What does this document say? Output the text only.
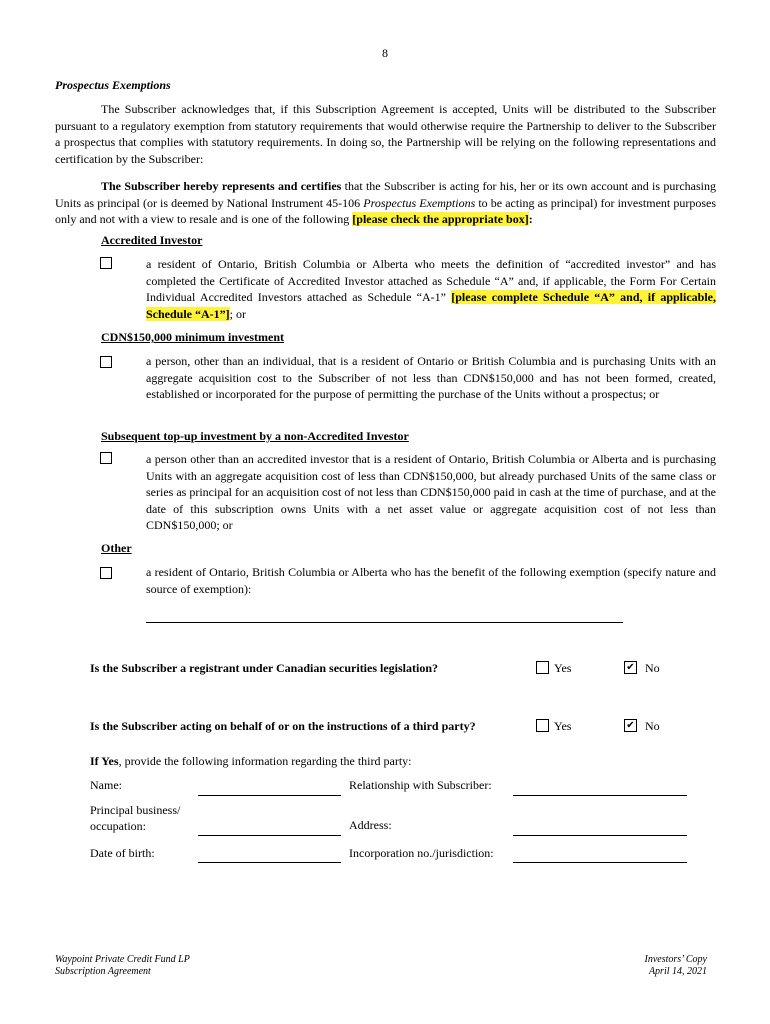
8
Prospectus Exemptions
The Subscriber acknowledges that, if this Subscription Agreement is accepted, Units will be distributed to the Subscriber pursuant to a regulatory exemption from statutory requirements that would otherwise require the Partnership to deliver to the Subscriber a prospectus that complies with statutory requirements. In doing so, the Partnership will be relying on the following representations and certification by the Subscriber:
The Subscriber hereby represents and certifies that the Subscriber is acting for his, her or its own account and is purchasing Units as principal (or is deemed by National Instrument 45-106 Prospectus Exemptions to be acting as principal) for investment purposes only and not with a view to resale and is one of the following [please check the appropriate box]:
Accredited Investor
a resident of Ontario, British Columbia or Alberta who meets the definition of “accredited investor” and has completed the Certificate of Accredited Investor attached as Schedule “A” and, if applicable, the Form For Certain Individual Accredited Investors attached as Schedule “A-1” [please complete Schedule “A” and, if applicable, Schedule “A-1”]; or
CDN$150,000 minimum investment
a person, other than an individual, that is a resident of Ontario or British Columbia and is purchasing Units with an aggregate acquisition cost to the Subscriber of not less than CDN$150,000 and has not been formed, created, established or incorporated for the purpose of permitting the purchase of the Units without a prospectus; or
Subsequent top-up investment by a non-Accredited Investor
a person other than an accredited investor that is a resident of Ontario, British Columbia or Alberta and is purchasing Units with an aggregate acquisition cost of less than CDN$150,000, but already purchased Units of the same class or series as principal for an acquisition cost of not less than CDN$150,000 paid in cash at the time of purchase, and at the date of this subscription owns Units with a net asset value or aggregate acquisition cost of not less than CDN$150,000; or
Other
a resident of Ontario, British Columbia or Alberta who has the benefit of the following exemption (specify nature and source of exemption):
Is the Subscriber a registrant under Canadian securities legislation?	Yes	✔ No
Is the Subscriber acting on behalf of or on the instructions of a third party?	Yes	✔ No
If Yes, provide the following information regarding the third party:
Name:	Relationship with Subscriber:
Principal business/
occupation:	Address:
Date of birth:	Incorporation no./jurisdiction:
Waypoint Private Credit Fund LP
Subscription Agreement
Investors’ Copy
April 14, 2021
